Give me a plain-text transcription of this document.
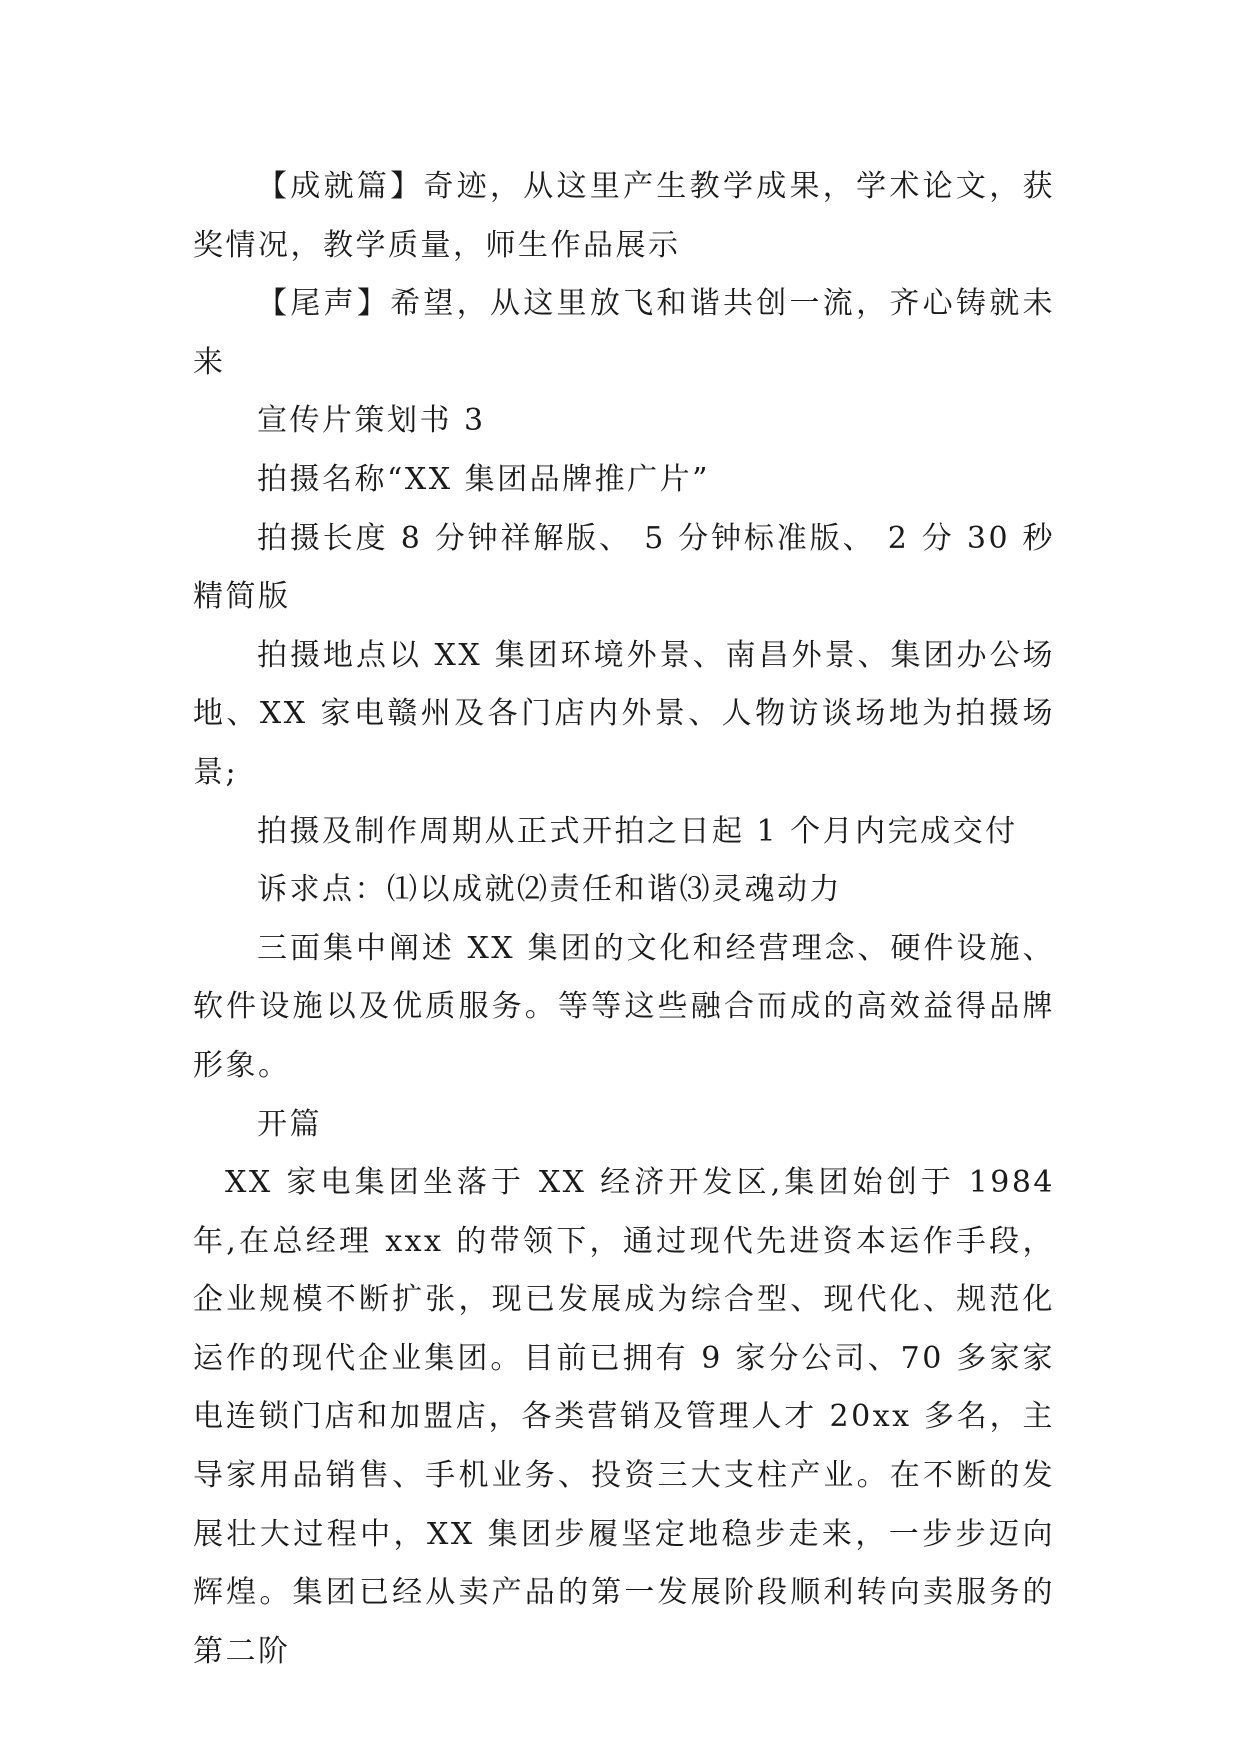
【成就篇】奇迹，从这里产生教学成果，学术论文，获奖情况，教学质量，师生作品展示

【尾声】希望，从这里放飞和谐共创一流，齐心铸就未来

宣传片策划书 3

拍摄名称“XX 集团品牌推广片”

拍摄长度 8 分钟祥解版、 5 分钟标准版、 2 分 30 秒精简版

拍摄地点以 XX 集团环境外景、南昌外景、集团办公场地、XX 家电赣州及各门店内外景、人物访谈场地为拍摄场景;

拍摄及制作周期从正式开拍之日起 1 个月内完成交付

诉求点：⑴以成就⑵责任和谐⑶灵魂动力

三面集中阐述 XX 集团的文化和经营理念、硬件设施、软件设施以及优质服务。等等这些融合而成的高效益得品牌形象。

开篇

XX 家电集团坐落于 XX 经济开发区,集团始创于 1984 年,在总经理 xxx 的带领下，通过现代先进资本运作手段，企业规模不断扩张，现已发展成为综合型、现代化、规范化运作的现代企业集团。目前已拥有 9 家分公司、70 多家家电连锁门店和加盟店，各类营销及管理人才 20xx 多名，主导家用品销售、手机业务、投资三大支柱产业。在不断的发展壮大过程中，XX 集团步履坚定地稳步走来，一步步迈向辉煌。集团已经从卖产品的第一发展阶段顺利转向卖服务的第二阶
